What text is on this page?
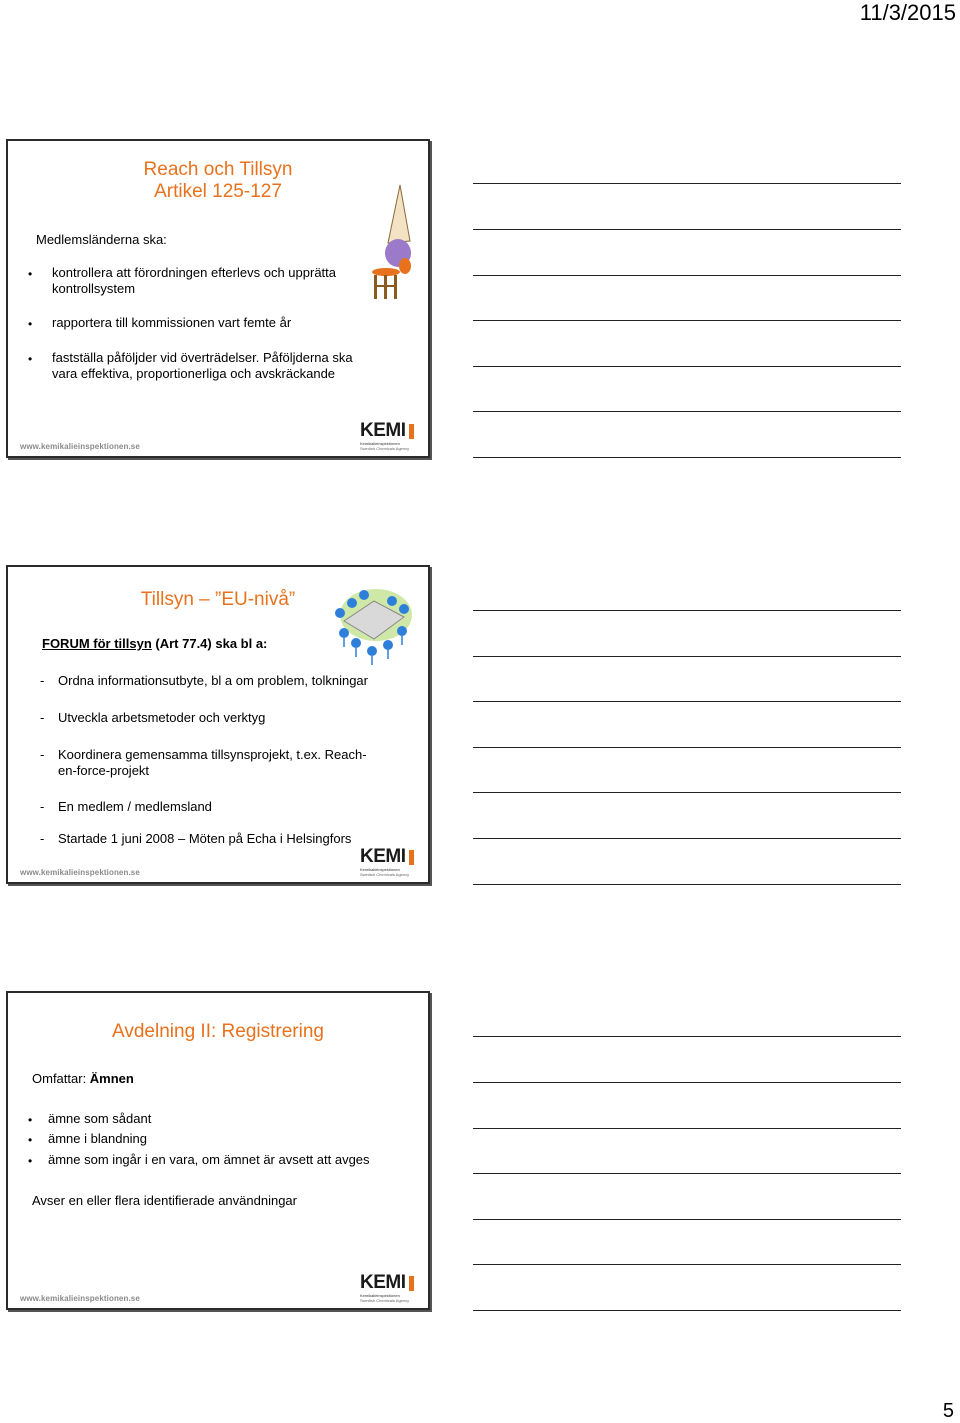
11/3/2015
Reach och Tillsyn
Artikel 125-127
Medlemsländerna ska:
• kontrollera att förordningen efterlevs och upprätta
kontrollsystem
• rapportera till kommissionen vart femte år
• fastställa påföljder vid överträdelser. Påföljderna ska
vara effektiva, proportionerliga och avskräckande
www.kemikalieinspektionen.se
KEMI
Kemikalieinspektionen
Swedish Chemicals Agency
Tillsyn – ”EU-nivå”
FORUM för tillsyn (Art 77.4) ska bl a:
- Ordna informationsutbyte, bl a om problem, tolkningar
- Utveckla arbetsmetoder och verktyg
- Koordinera gemensamma tillsynsprojekt, t.ex. Reach-
en-force-projekt
- En medlem / medlemsland
- Startade 1 juni 2008 – Möten på Echa i Helsingfors
www.kemikalieinspektionen.se
KEMI
Kemikalieinspektionen
Swedish Chemicals Agency
Avdelning II: Registrering
Omfattar: Ämnen
• ämne som sådant
• ämne i blandning
• ämne som ingår i en vara, om ämnet är avsett att avges
Avser en eller flera identifierade användningar
www.kemikalieinspektionen.se
KEMI
Kemikalieinspektionen
Swedish Chemicals Agency
5
